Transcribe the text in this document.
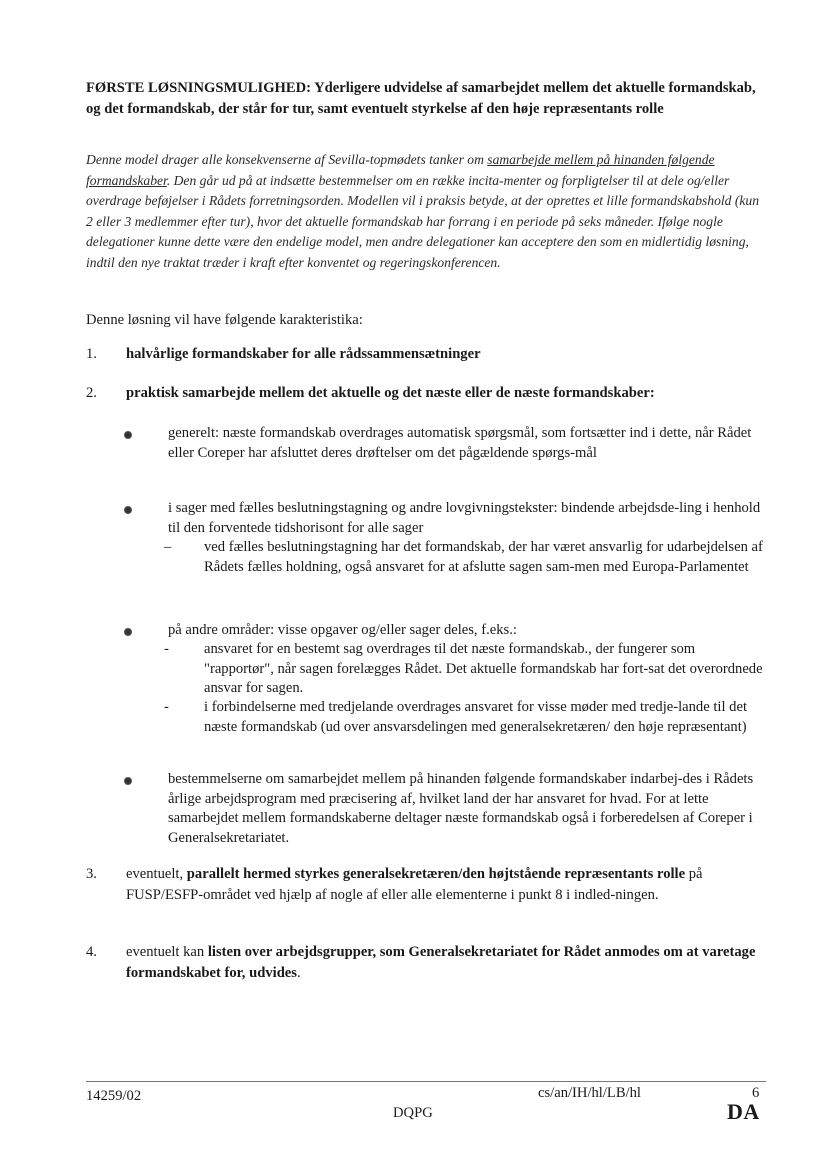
FØRSTE LØSNINGSMULIGHED: Yderligere udvidelse af samarbejdet mellem det aktuelle formandskab, og det formandskab, der står for tur, samt eventuelt styrkelse af den høje repræsentants rolle

Denne model drager alle konsekvenserne af Sevilla-topmødets tanker om samarbejde mellem på hinanden følgende formandskaber. Den går ud på at indsætte bestemmelser om en række incita-menter og forpligtelser til at dele og/eller overdrage beføjelser i Rådets forretningsorden. Modellen vil i praksis betyde, at der oprettes et lille formandskabshold (kun 2 eller 3 medlemmer efter tur), hvor det aktuelle formandskab har forrang i en periode på seks måneder. Ifølge nogle delegationer kunne dette være den endelige model, men andre delegationer kan acceptere den som en midlertidig løsning, indtil den nye traktat træder i kraft efter konventet og regeringskonferencen.

Denne løsning vil have følgende karakteristika:

1.	halvårlige formandskaber for alle rådssammensætninger
2.	praktisk samarbejde mellem det aktuelle og det næste eller de næste formandskaber:
generelt: næste formandskab overdrages automatisk spørgsmål, som fortsætter ind i dette, når Rådet eller Coreper har afsluttet deres drøftelser om det pågældende spørgs-mål
i sager med fælles beslutningstagning og andre lovgivningstekster: bindende arbejdsde-ling i henhold til den forventede tidshorisont for alle sager
–	ved fælles beslutningstagning har det formandskab, der har været ansvarlig for udarbejdelsen af Rådets fælles holdning, også ansvaret for at afslutte sagen sam-men med Europa-Parlamentet
på andre områder: visse opgaver og/eller sager deles, f.eks.:
-	ansvaret for en bestemt sag overdrages til det næste formandskab., der fungerer som "rapportør", når sagen forelægges Rådet. Det aktuelle formandskab har fort-sat det overordnede ansvar for sagen.
-	i forbindelserne med tredjelande overdrages ansvaret for visse møder med tredje-lande til det næste formandskab (ud over ansvarsdelingen med generalsekretæren/ den høje repræsentant)
bestemmelserne om samarbejdet mellem på hinanden følgende formandskaber indarbej-des i Rådets årlige arbejdsprogram med præcisering af, hvilket land der har ansvaret for hvad. For at lette samarbejdet mellem formandskaberne deltager næste formandskab også i forberedelsen af Coreper i Generalsekretariatet.
3.	eventuelt, parallelt hermed styrkes generalsekretæren/den højtstående repræsentants rolle på FUSP/ESFP-området ved hjælp af nogle af eller alle elementerne i punkt 8 i indled-ningen.
4.	eventuelt kan listen over arbejdsgrupper, som Generalsekretariatet for Rådet anmodes om at varetage formandskabet for, udvides.
14259/02	cs/an/IH/hl/LB/hl	6
DQPG	DA
